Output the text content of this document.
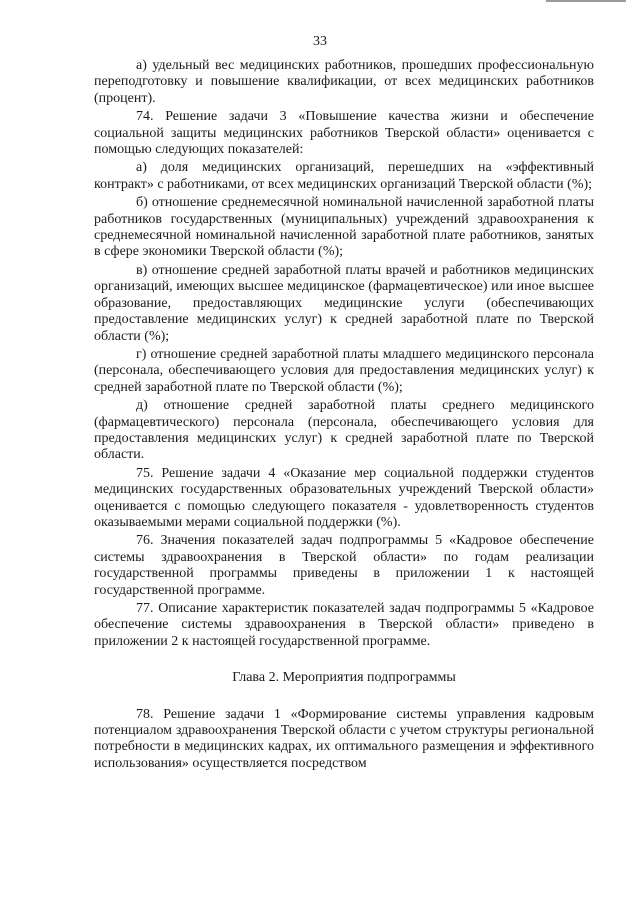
33

а) удельный вес медицинских работников, прошедших профессиональную переподготовку и повышение квалификации, от всех медицинских работников (процент).

74. Решение задачи 3 «Повышение качества жизни и обеспечение социальной защиты медицинских работников Тверской области» оценивается с помощью следующих показателей:

а) доля медицинских организаций, перешедших на «эффективный контракт» с работниками, от всех медицинских организаций Тверской области (%);

б) отношение среднемесячной номинальной начисленной заработной платы работников государственных (муниципальных) учреждений здравоохранения к среднемесячной номинальной начисленной заработной плате работников, занятых в сфере экономики Тверской области (%);

в) отношение средней заработной платы врачей и работников медицинских организаций, имеющих высшее медицинское (фармацевтическое) или иное высшее образование, предоставляющих медицинские услуги (обеспечивающих предоставление медицинских услуг) к средней заработной плате по Тверской области (%);

г) отношение средней заработной платы младшего медицинского персонала (персонала, обеспечивающего условия для предоставления медицинских услуг) к средней заработной плате по Тверской области (%);

д) отношение средней заработной платы среднего медицинского (фармацевтического) персонала (персонала, обеспечивающего условия для предоставления медицинских услуг) к средней заработной плате по Тверской области.

75. Решение задачи 4 «Оказание мер социальной поддержки студентов медицинских государственных образовательных учреждений Тверской области» оценивается с помощью следующего показателя - удовлетворенность студентов оказываемыми мерами социальной поддержки (%).

76. Значения показателей задач подпрограммы 5 «Кадровое обеспечение системы здравоохранения в Тверской области» по годам реализации государственной программы приведены в приложении 1 к настоящей государственной программе.

77. Описание характеристик показателей задач подпрограммы 5 «Кадровое обеспечение системы здравоохранения в Тверской области» приведено в приложении 2 к настоящей государственной программе.

Глава 2. Мероприятия подпрограммы

78. Решение задачи 1 «Формирование системы управления кадровым потенциалом здравоохранения Тверской области с учетом структуры региональной потребности в медицинских кадрах, их оптимального размещения и эффективного использования» осуществляется посредством
